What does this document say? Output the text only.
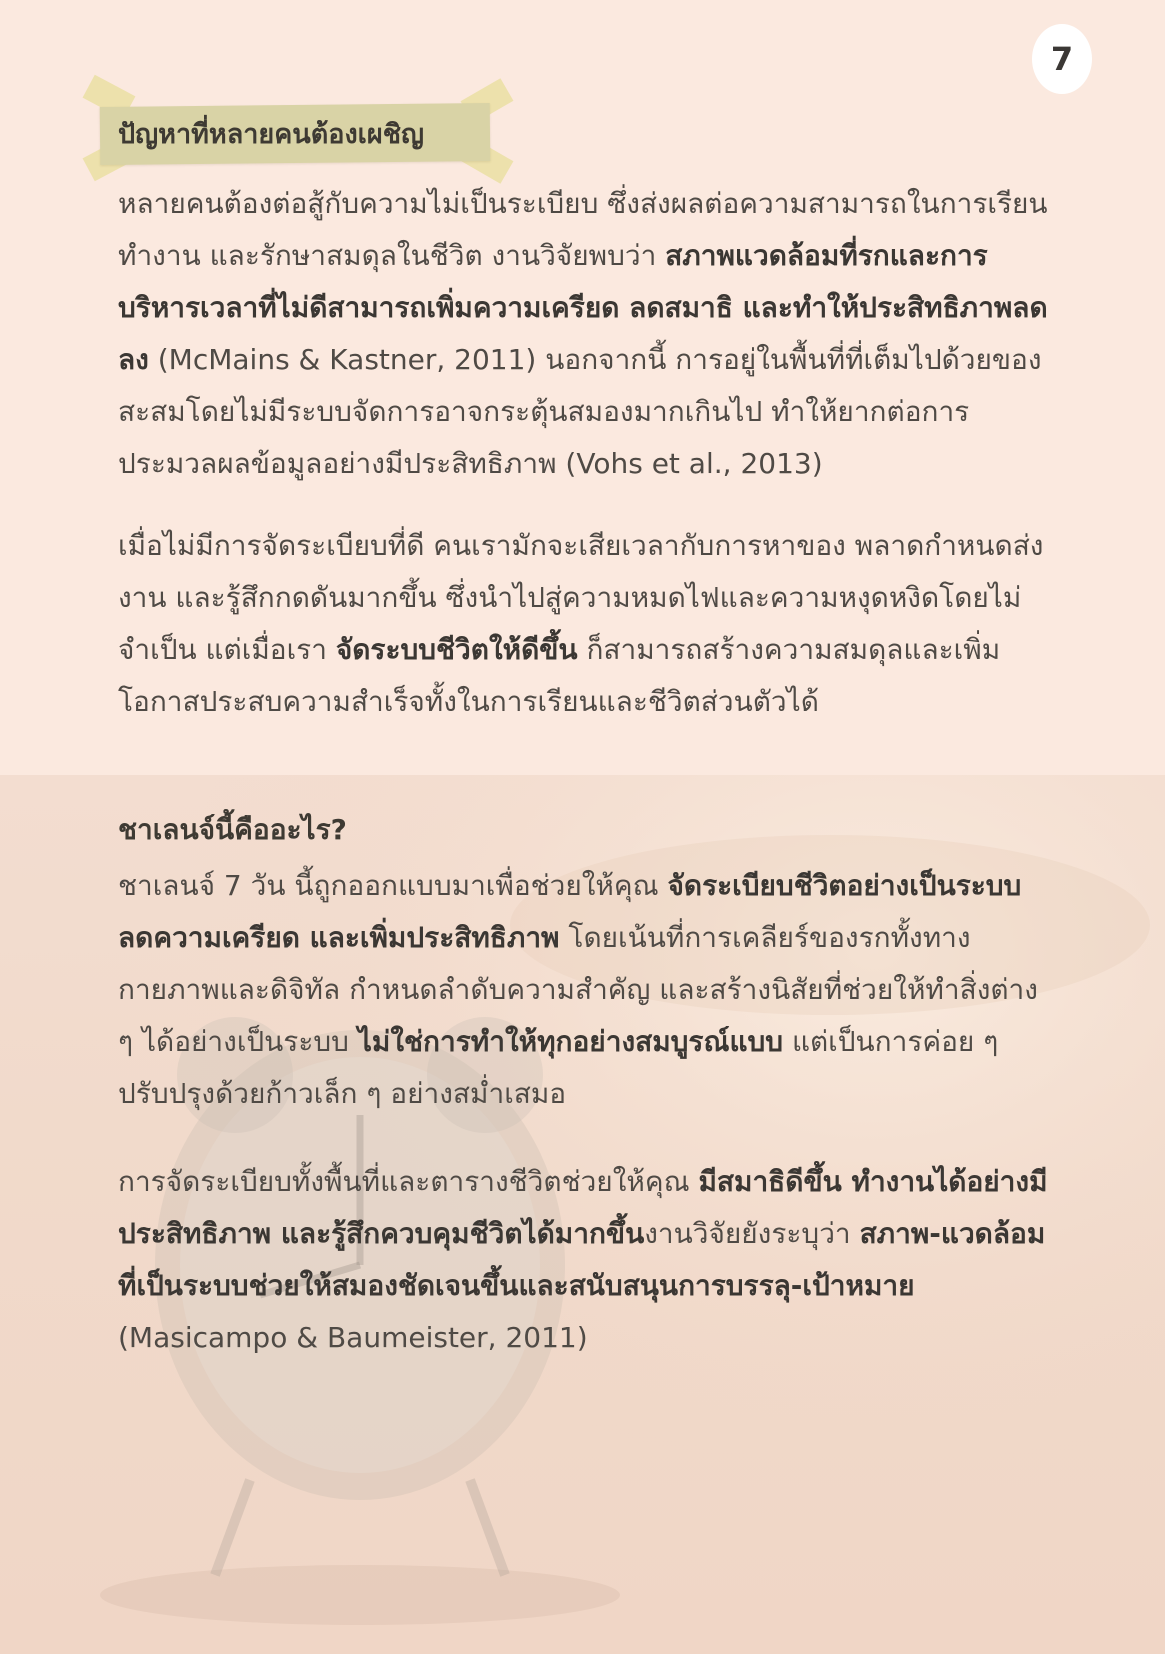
7
ปัญหาที่หลายคนต้องเผชิญ

หลายคนต้องต่อสู้กับความไม่เป็นระเบียบ ซึ่งส่งผลต่อความสามารถในการเรียน ทำงาน และรักษาสมดุลในชีวิต งานวิจัยพบว่า สภาพแวดล้อมที่รกและการบริหารเวลาที่ไม่ดีสามารถเพิ่มความเครียด ลดสมาธิ และทำให้ประสิทธิภาพลดลง (McMains & Kastner, 2011) นอกจากนี้ การอยู่ในพื้นที่ที่เต็มไปด้วยของสะสมโดยไม่มีระบบจัดการอาจกระตุ้นสมองมากเกินไป ทำให้ยากต่อการประมวลผลข้อมูลอย่างมีประสิทธิภาพ (Vohs et al., 2013)

เมื่อไม่มีการจัดระเบียบที่ดี คนเรามักจะเสียเวลากับการหาของ พลาดกำหนดส่งงาน และรู้สึกกดดันมากขึ้น ซึ่งนำไปสู่ความหมดไฟและความหงุดหงิดโดยไม่จำเป็น แต่เมื่อเรา จัดระบบชีวิตให้ดีขึ้น ก็สามารถสร้างความสมดุลและเพิ่มโอกาสประสบความสำเร็จทั้งในการเรียนและชีวิตส่วนตัวได้

ชาเลนจ์นี้คืออะไร?

ชาเลนจ์ 7 วัน นี้ถูกออกแบบมาเพื่อช่วยให้คุณ จัดระเบียบชีวิตอย่างเป็นระบบ ลดความเครียด และเพิ่มประสิทธิภาพ โดยเน้นที่การเคลียร์ของรกทั้งทางกายภาพและดิจิทัล กำหนดลำดับความสำคัญ และสร้างนิสัยที่ช่วยให้ทำสิ่งต่าง ๆ ได้อย่างเป็นระบบ ไม่ใช่การทำให้ทุกอย่างสมบูรณ์แบบ แต่เป็นการค่อย ๆ ปรับปรุงด้วยก้าวเล็ก ๆ อย่างสม่ำเสมอ

การจัดระเบียบทั้งพื้นที่และตารางชีวิตช่วยให้คุณ มีสมาธิดีขึ้น ทำงานได้อย่างมีประสิทธิภาพ และรู้สึกควบคุมชีวิตได้มากขึ้นงานวิจัยยังระบุว่า สภาพ-แวดล้อมที่เป็นระบบช่วยให้สมองชัดเจนขึ้นและสนับสนุนการบรรลุ-เป้าหมาย (Masicampo & Baumeister, 2011)
